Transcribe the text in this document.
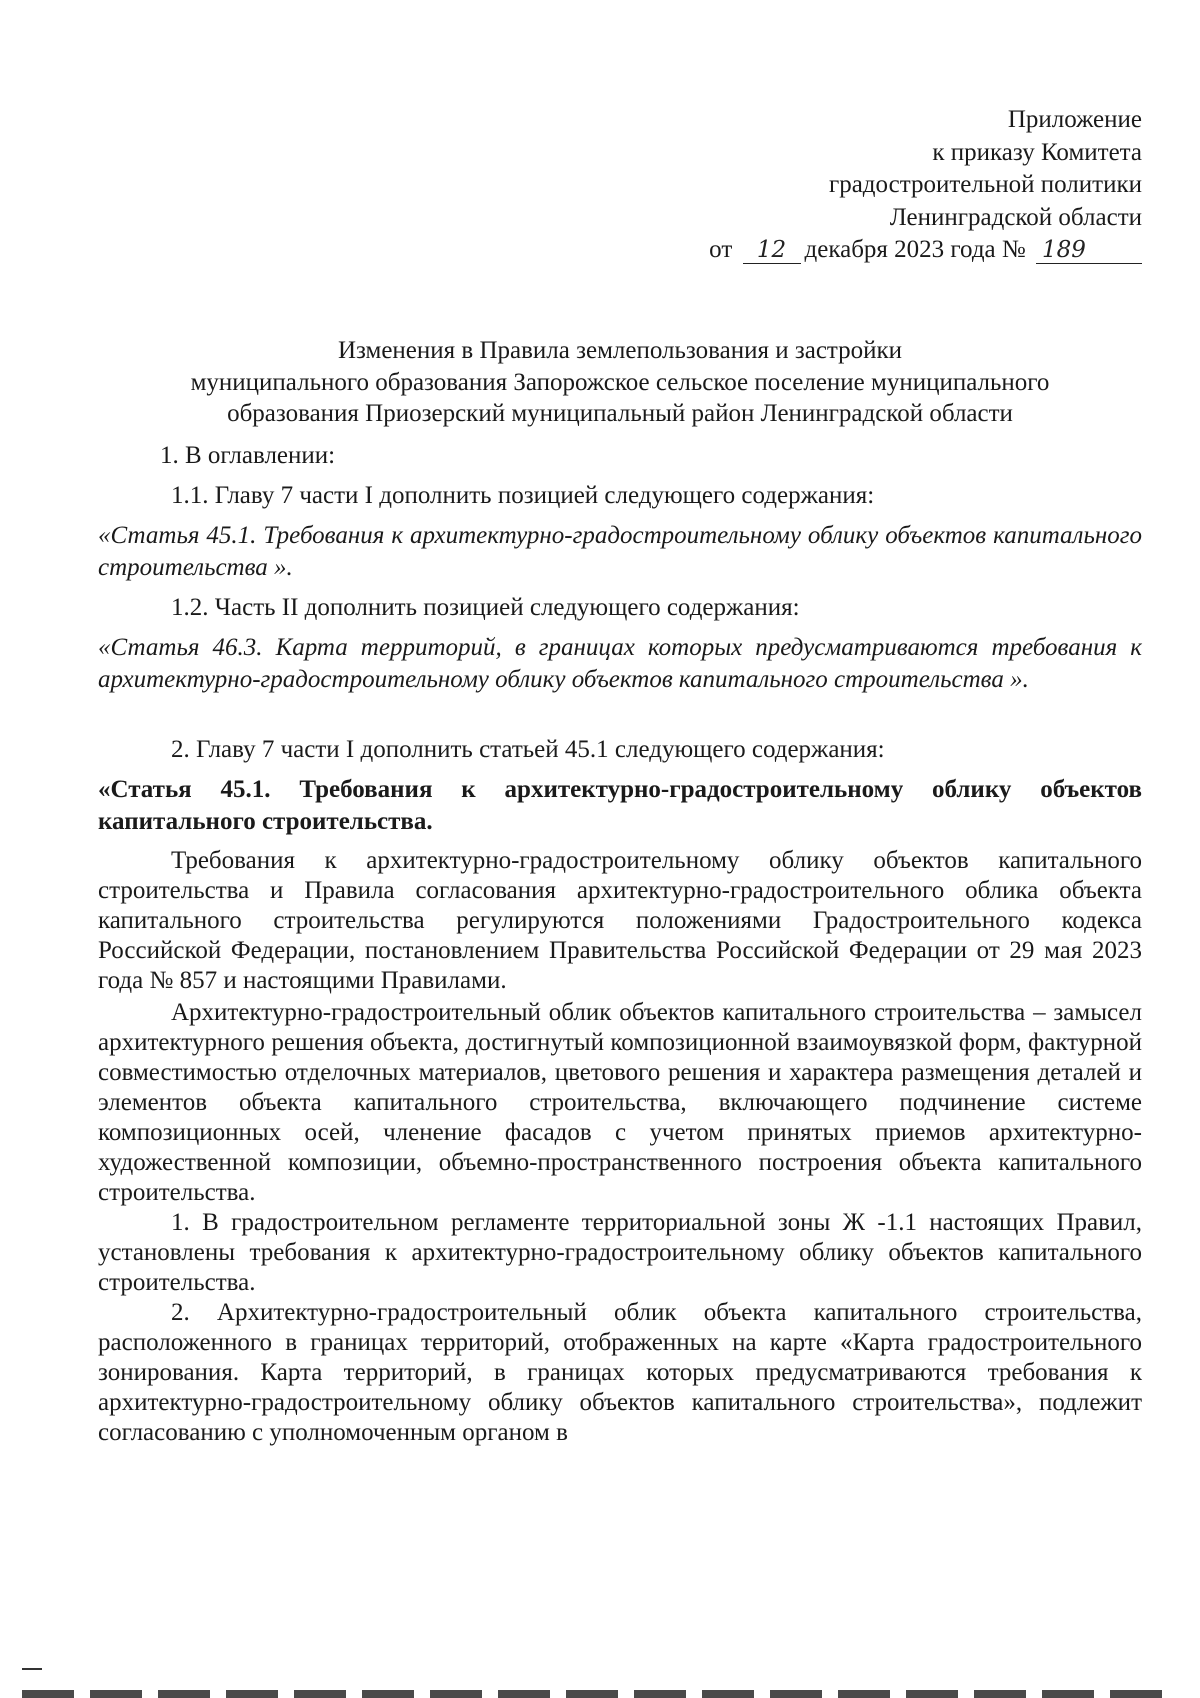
Приложение
к приказу Комитета
градостроительной политики
Ленинградской области
от 12 декабря 2023 года № 189
Изменения в Правила землепользования и застройки
муниципального образования Запорожское сельское поселение муниципального
образования Приозерский муниципальный район Ленинградской области

1. В оглавлении:

1.1. Главу 7 части I дополнить позицией следующего содержания:

«Статья 45.1. Требования к архитектурно-градостроительному облику объектов капитального строительства ».

1.2. Часть II дополнить позицией следующего содержания:

«Статья 46.3. Карта территорий, в границах которых предусматриваются требования к архитектурно-градостроительному облику объектов капитального строительства ».

2. Главу 7 части I дополнить статьей 45.1 следующего содержания:

«Статья 45.1. Требования к архитектурно-градостроительному облику объектов капитального строительства.

Требования к архитектурно-градостроительному облику объектов капитального строительства и Правила согласования архитектурно-градостроительного облика объекта капитального строительства регулируются положениями Градостроительного кодекса Российской Федерации, постановлением Правительства Российской Федерации от 29 мая 2023 года № 857 и настоящими Правилами.

Архитектурно-градостроительный облик объектов капитального строительства – замысел архитектурного решения объекта, достигнутый композиционной взаимоувязкой форм, фактурной совместимостью отделочных материалов, цветового решения и характера размещения деталей и элементов объекта капитального строительства, включающего подчинение системе композиционных осей, членение фасадов с учетом принятых приемов архитектурно-художественной композиции, объемно-пространственного построения объекта капитального строительства.

1. В градостроительном регламенте территориальной зоны Ж -1.1 настоящих Правил, установлены требования к архитектурно-градостроительному облику объектов капитального строительства.

2. Архитектурно-градостроительный облик объекта капитального строительства, расположенного в границах территорий, отображенных на карте «Карта градостроительного зонирования. Карта территорий, в границах которых предусматриваются требования к архитектурно-градостроительному облику объектов капитального строительства», подлежит согласованию с уполномоченным органом в
